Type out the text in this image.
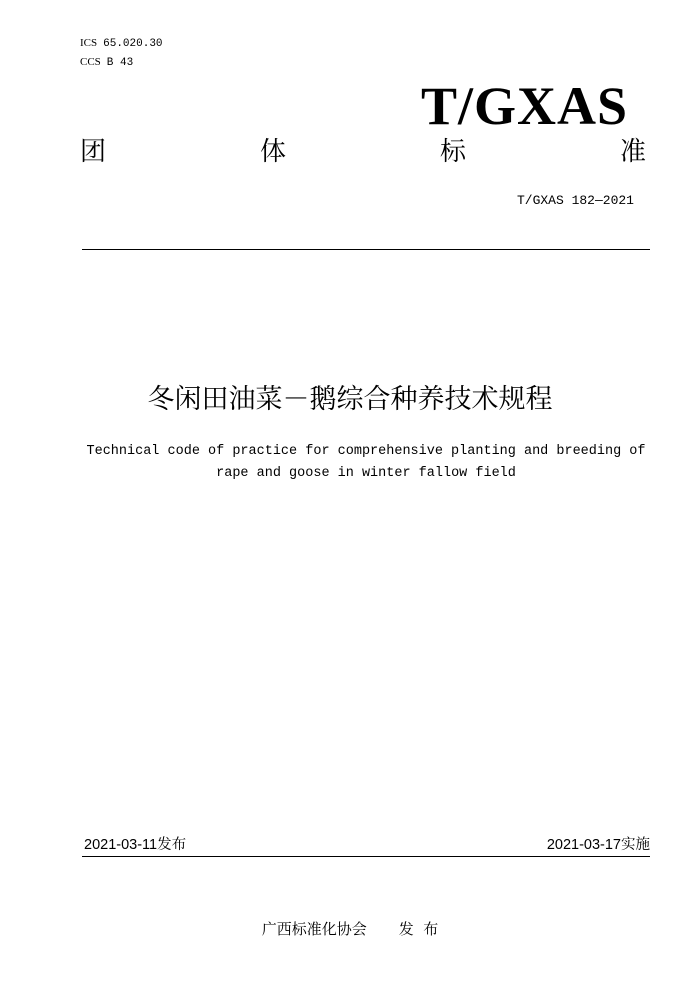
ICS 65.020.30
CCS B 43
T/GXAS
团	体	标	准
T/GXAS 182—2021
冬闲田油菜－鹅综合种养技术规程
Technical code of practice for comprehensive planting and breeding of
rape and goose in winter fallow field
2021-03-11发布	2021-03-17实施
广西标准化协会 发  布
